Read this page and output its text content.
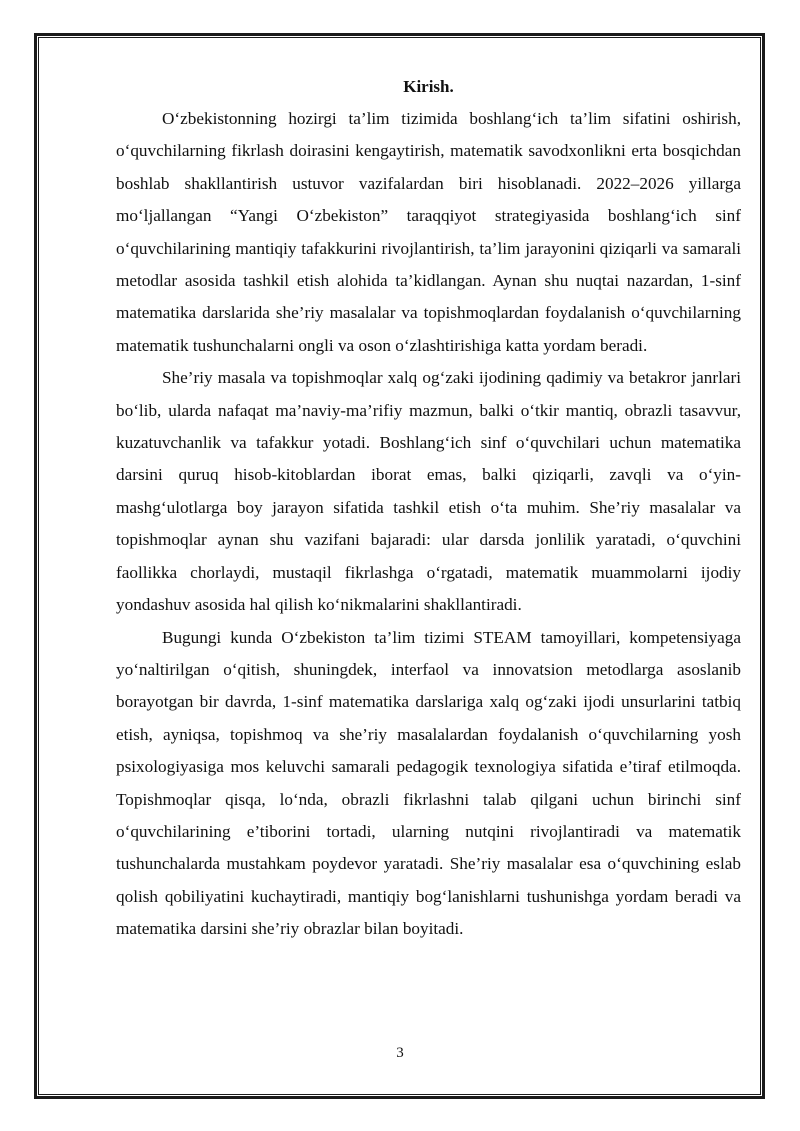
Kirish.

O‘zbekistonning hozirgi ta’lim tizimida boshlang‘ich ta’lim sifatini oshirish, o‘quvchilarning fikrlash doirasini kengaytirish, matematik savodxonlikni erta bosqichdan boshlab shakllantirish ustuvor vazifalardan biri hisoblanadi. 2022–2026 yillarga mo‘ljallangan “Yangi O‘zbekiston” taraqqiyot strategiyasida boshlang‘ich sinf o‘quvchilarining mantiqiy tafakkurini rivojlantirish, ta’lim jarayonini qiziqarli va samarali metodlar asosida tashkil etish alohida ta’kidlangan. Aynan shu nuqtai nazardan, 1-sinf matematika darslarida she’riy masalalar va topishmoqlardan foydalanish o‘quvchilarning matematik tushunchalarni ongli va oson o‘zlashtirishiga katta yordam beradi.

She’riy masala va topishmoqlar xalq og‘zaki ijodining qadimiy va betakror janrlari bo‘lib, ularda nafaqat ma’naviy-ma’rifiy mazmun, balki o‘tkir mantiq, obrazli tasavvur, kuzatuvchanlik va tafakkur yotadi. Boshlang‘ich sinf o‘quvchilari uchun matematika darsini quruq hisob-kitoblardan iborat emas, balki qiziqarli, zavqli va o‘yin-mashg‘ulotlarga boy jarayon sifatida tashkil etish o‘ta muhim. She’riy masalalar va topishmoqlar aynan shu vazifani bajaradi: ular darsda jonlilik yaratadi, o‘quvchini faollikka chorlaydi, mustaqil fikrlashga o‘rgatadi, matematik muammolarni ijodiy yondashuv asosida hal qilish ko‘nikmalarini shakllantiradi.

Bugungi kunda O‘zbekiston ta’lim tizimi STEAM tamoyillari, kompetensiyaga yo‘naltirilgan o‘qitish, shuningdek, interfaol va innovatsion metodlarga asoslanib borayotgan bir davrda, 1-sinf matematika darslariga xalq og‘zaki ijodi unsurlarini tatbiq etish, ayniqsa, topishmoq va she’riy masalalardan foydalanish o‘quvchilarning yosh psixologiyasiga mos keluvchi samarali pedagogik texnologiya sifatida e’tiraf etilmoqda. Topishmoqlar qisqa, lo‘nda, obrazli fikrlashni talab qilgani uchun birinchi sinf o‘quvchilarining e’tiborini tortadi, ularning nutqini rivojlantiradi va matematik tushunchalarda mustahkam poydevor yaratadi. She’riy masalalar esa o‘quvchining eslab qolish qobiliyatini kuchaytiradi, mantiqiy bog‘lanishlarni tushunishga yordam beradi va matematika darsini she’riy obrazlar bilan boyitadi.

3
